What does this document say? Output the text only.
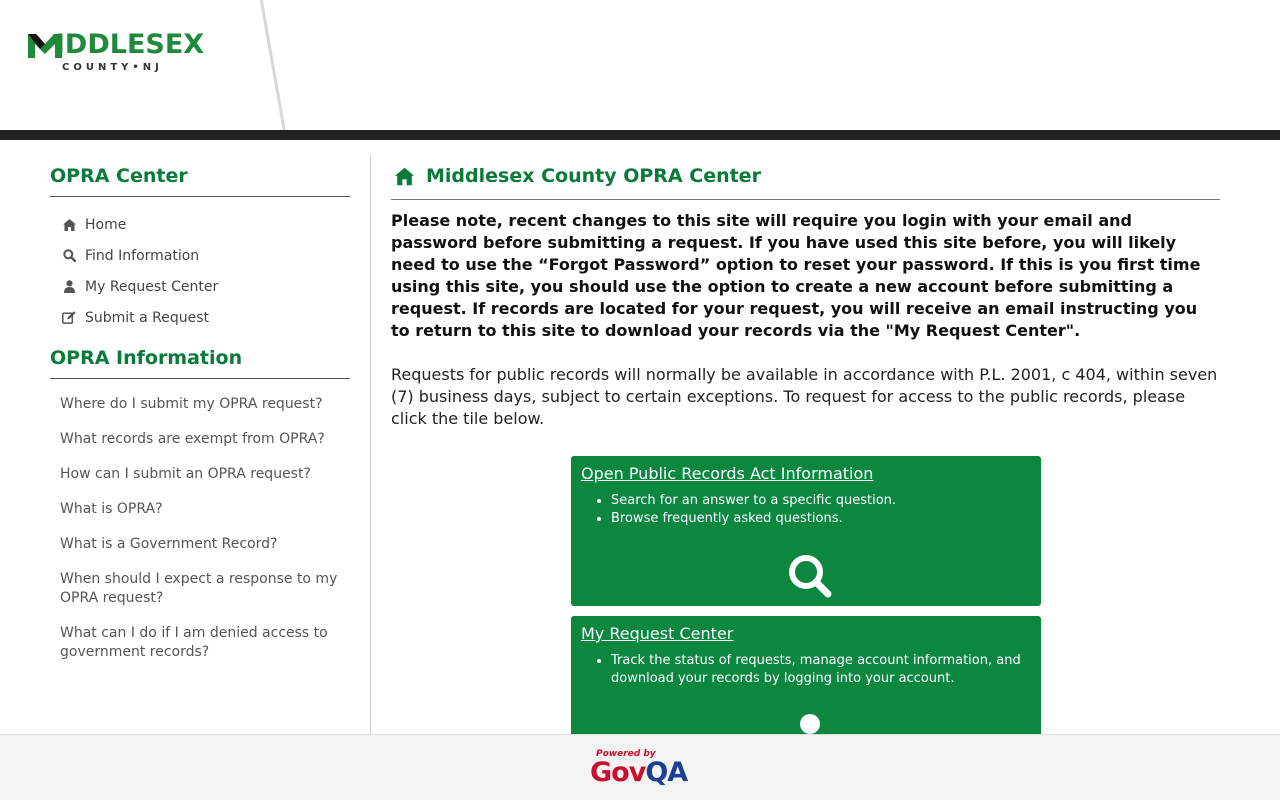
IDDLESEX
COUNTY•NJ
OPRA Center
Home
Find Information
My Request Center
Submit a Request
OPRA Information
Where do I submit my OPRA request?
What records are exempt from OPRA?
How can I submit an OPRA request?
What is OPRA?
What is a Government Record?
When should I expect a response to my OPRA request?
What can I do if I am denied access to government records?
Middlesex County OPRA Center

Please note, recent changes to this site will require you login with your email and password before submitting a request. If you have used this site before, you will likely need to use the “Forgot Password” option to reset your password. If this is you first time using this site, you should use the option to create a new account before submitting a request. If records are located for your request, you will receive an email instructing you to return to this site to download your records via the "My Request Center".

Requests for public records will normally be available in accordance with P.L. 2001, c 404, within seven (7) business days, subject to certain exceptions. To request for access to the public records, please click the tile below.

Open Public Records Act Information

• Search for an answer to a specific question.
• Browse frequently asked questions.

My Request Center

• Track the status of requests, manage account information, and download your records by logging into your account.
Powered by
GovQA
